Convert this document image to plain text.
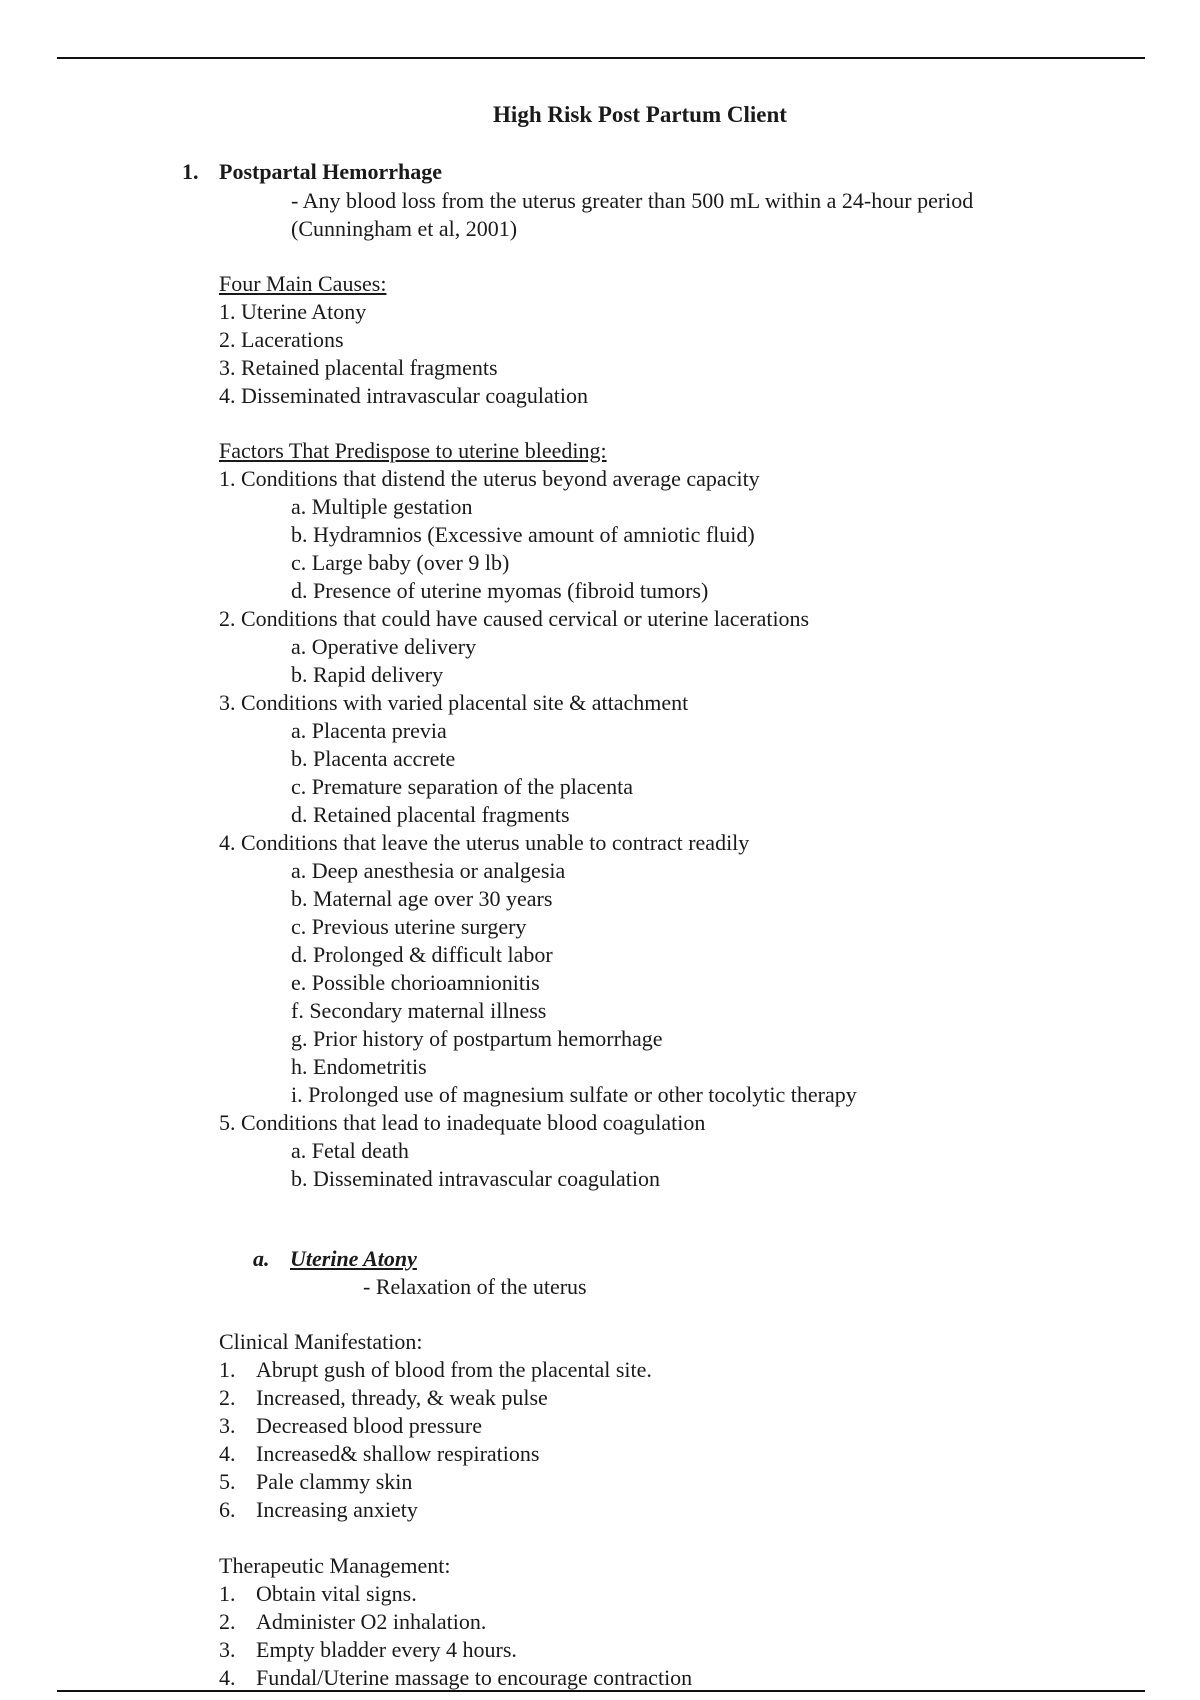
High Risk Post Partum Client
1. Postpartal Hemorrhage
- Any blood loss from the uterus greater than 500 mL within a 24-hour period
(Cunningham et al, 2001)
Four Main Causes:
1. Uterine Atony
2. Lacerations
3. Retained placental fragments
4. Disseminated intravascular coagulation
Factors That Predispose to uterine bleeding:
1. Conditions that distend the uterus beyond average capacity
a. Multiple gestation
b. Hydramnios (Excessive amount of amniotic fluid)
c. Large baby (over 9 lb)
d. Presence of uterine myomas (fibroid tumors)
2. Conditions that could have caused cervical or uterine lacerations
a. Operative delivery
b. Rapid delivery
3. Conditions with varied placental site & attachment
a. Placenta previa
b. Placenta accrete
c. Premature separation of the placenta
d. Retained placental fragments
4. Conditions that leave the uterus unable to contract readily
a. Deep anesthesia or analgesia
b. Maternal age over 30 years
c. Previous uterine surgery
d. Prolonged & difficult labor
e. Possible chorioamnionitis
f. Secondary maternal illness
g. Prior history of postpartum hemorrhage
h. Endometritis
i. Prolonged use of magnesium sulfate or other tocolytic therapy
5. Conditions that lead to inadequate blood coagulation
a. Fetal death
b. Disseminated intravascular coagulation
a. Uterine Atony
- Relaxation of the uterus
Clinical Manifestation:
1. Abrupt gush of blood from the placental site.
2. Increased, thready, & weak pulse
3. Decreased blood pressure
4. Increased& shallow respirations
5. Pale clammy skin
6. Increasing anxiety
Therapeutic Management:
1. Obtain vital signs.
2. Administer O2 inhalation.
3. Empty bladder every 4 hours.
4. Fundal/Uterine massage to encourage contraction
